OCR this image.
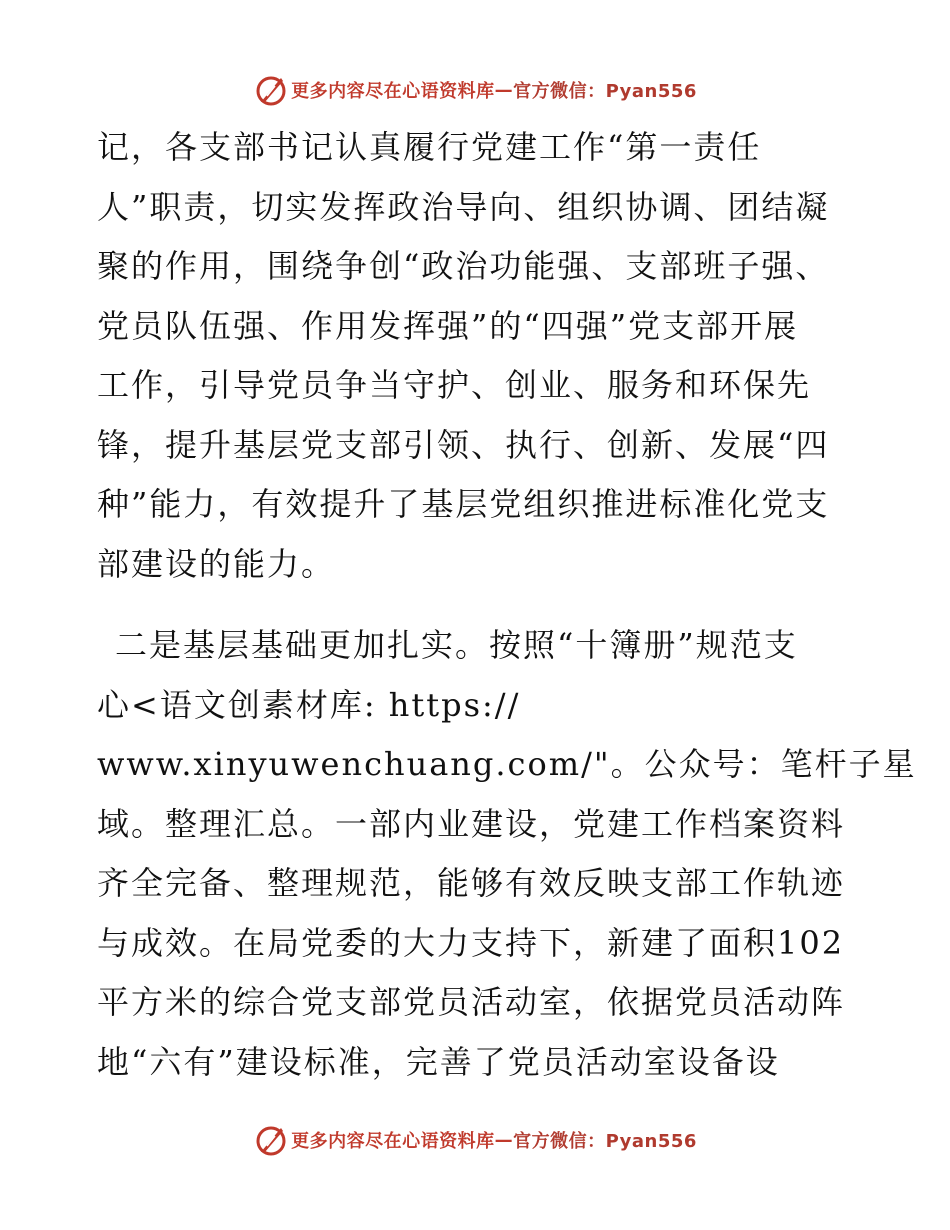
更多内容尽在心语资料库 — 官方微信：Pyan556
记，各支部书记认真履行党建工作“第一责任
人”职责，切实发挥政治导向、组织协调、团结凝
聚的作用，围绕争创“政治功能强、支部班子强、
党员队伍强、作用发挥强”的“四强”党支部开展
工作，引导党员争当守护、创业、服务和环保先
锋，提升基层党支部引领、执行、创新、发展“四
种”能力，有效提升了基层党组织推进标准化党支
部建设的能力。
二是基层基础更加扎实。按照“十簿册”规范支
心<语文创素材库: https://
www.xinyuwenchuang.com/"。公众号：笔杆子星
域。整理汇总。一部内业建设，党建工作档案资料
齐全完备、整理规范，能够有效反映支部工作轨迹
与成效。在局党委的大力支持下，新建了面积102
平方米的综合党支部党员活动室，依据党员活动阵
地“六有”建设标准，完善了党员活动室设备设
更多内容尽在心语资料库 — 官方微信：Pyan556
